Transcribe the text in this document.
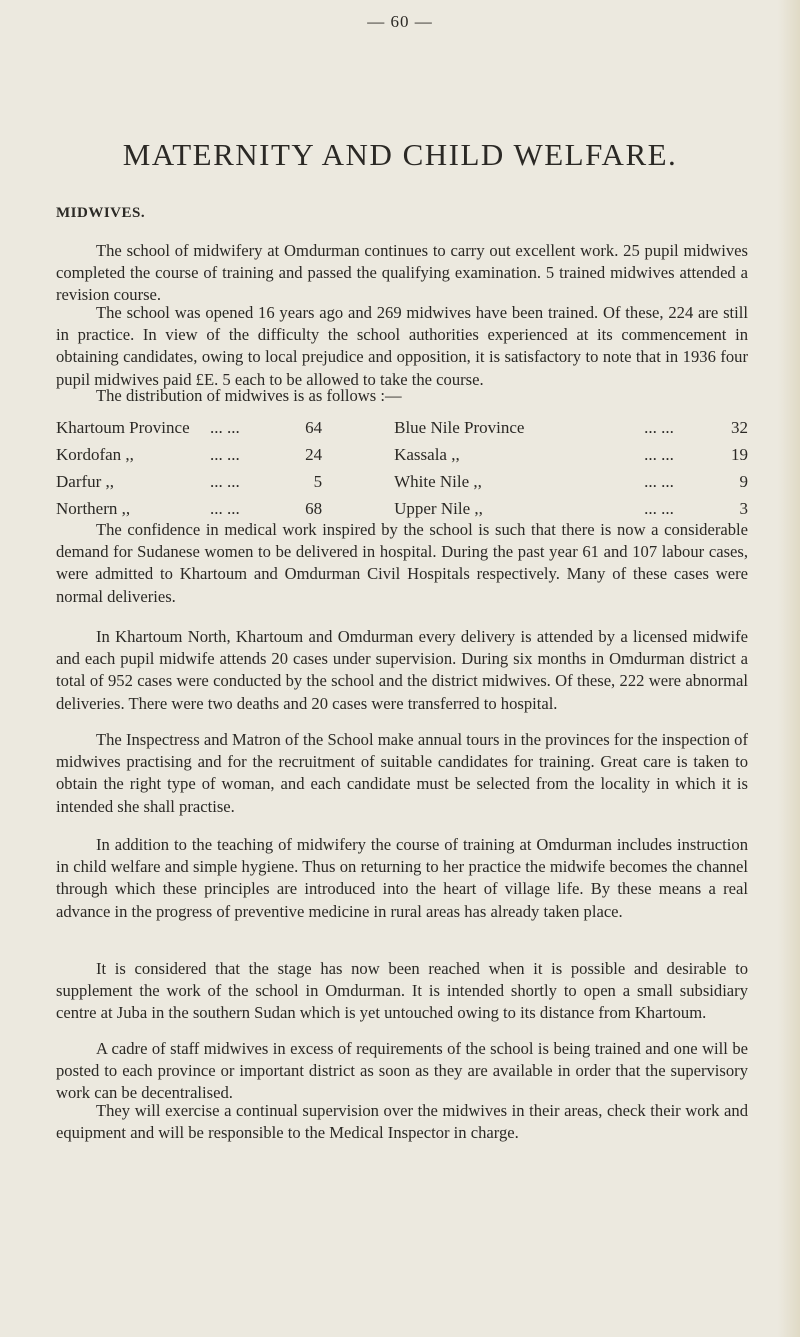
— 60 —
MATERNITY AND CHILD WELFARE.
MIDWIVES.

The school of midwifery at Omdurman continues to carry out excellent work. 25 pupil midwives completed the course of training and passed the qualifying examination. 5 trained midwives attended a revision course.

The school was opened 16 years ago and 269 midwives have been trained. Of these, 224 are still in practice. In view of the difficulty the school authorities experienced at its commencement in obtaining candidates, owing to local prejudice and opposition, it is satisfactory to note that in 1936 four pupil midwives paid £E. 5 each to be allowed to take the course.

The distribution of midwives is as follows :—

Khartoum Province	... ...	64	Blue Nile Province	... ...	32
Kordofan ,,	... ...	24	Kassala ,,	... ...	19
Darfur ,,	... ...	5	White Nile ,,	... ...	9
Northern ,,	... ...	68	Upper Nile ,,	... ...	3

The confidence in medical work inspired by the school is such that there is now a considerable demand for Sudanese women to be delivered in hospital. During the past year 61 and 107 labour cases, were admitted to Khartoum and Omdurman Civil Hospitals respectively. Many of these cases were normal deliveries.

In Khartoum North, Khartoum and Omdurman every delivery is attended by a licensed midwife and each pupil midwife attends 20 cases under supervision. During six months in Omdurman district a total of 952 cases were conducted by the school and the district midwives. Of these, 222 were abnormal deliveries. There were two deaths and 20 cases were transferred to hospital.

The Inspectress and Matron of the School make annual tours in the provinces for the inspection of midwives practising and for the recruitment of suitable candidates for training. Great care is taken to obtain the right type of woman, and each candidate must be selected from the locality in which it is intended she shall practise.

In addition to the teaching of midwifery the course of training at Omdurman includes instruction in child welfare and simple hygiene. Thus on returning to her practice the midwife becomes the channel through which these principles are introduced into the heart of village life. By these means a real advance in the progress of preventive medicine in rural areas has already taken place.

It is considered that the stage has now been reached when it is possible and desirable to supplement the work of the school in Omdurman. It is intended shortly to open a small subsidiary centre at Juba in the southern Sudan which is yet untouched owing to its distance from Khartoum.

A cadre of staff midwives in excess of requirements of the school is being trained and one will be posted to each province or important district as soon as they are available in order that the supervisory work can be decentralised.

They will exercise a continual supervision over the midwives in their areas, check their work and equipment and will be responsible to the Medical Inspector in charge.
